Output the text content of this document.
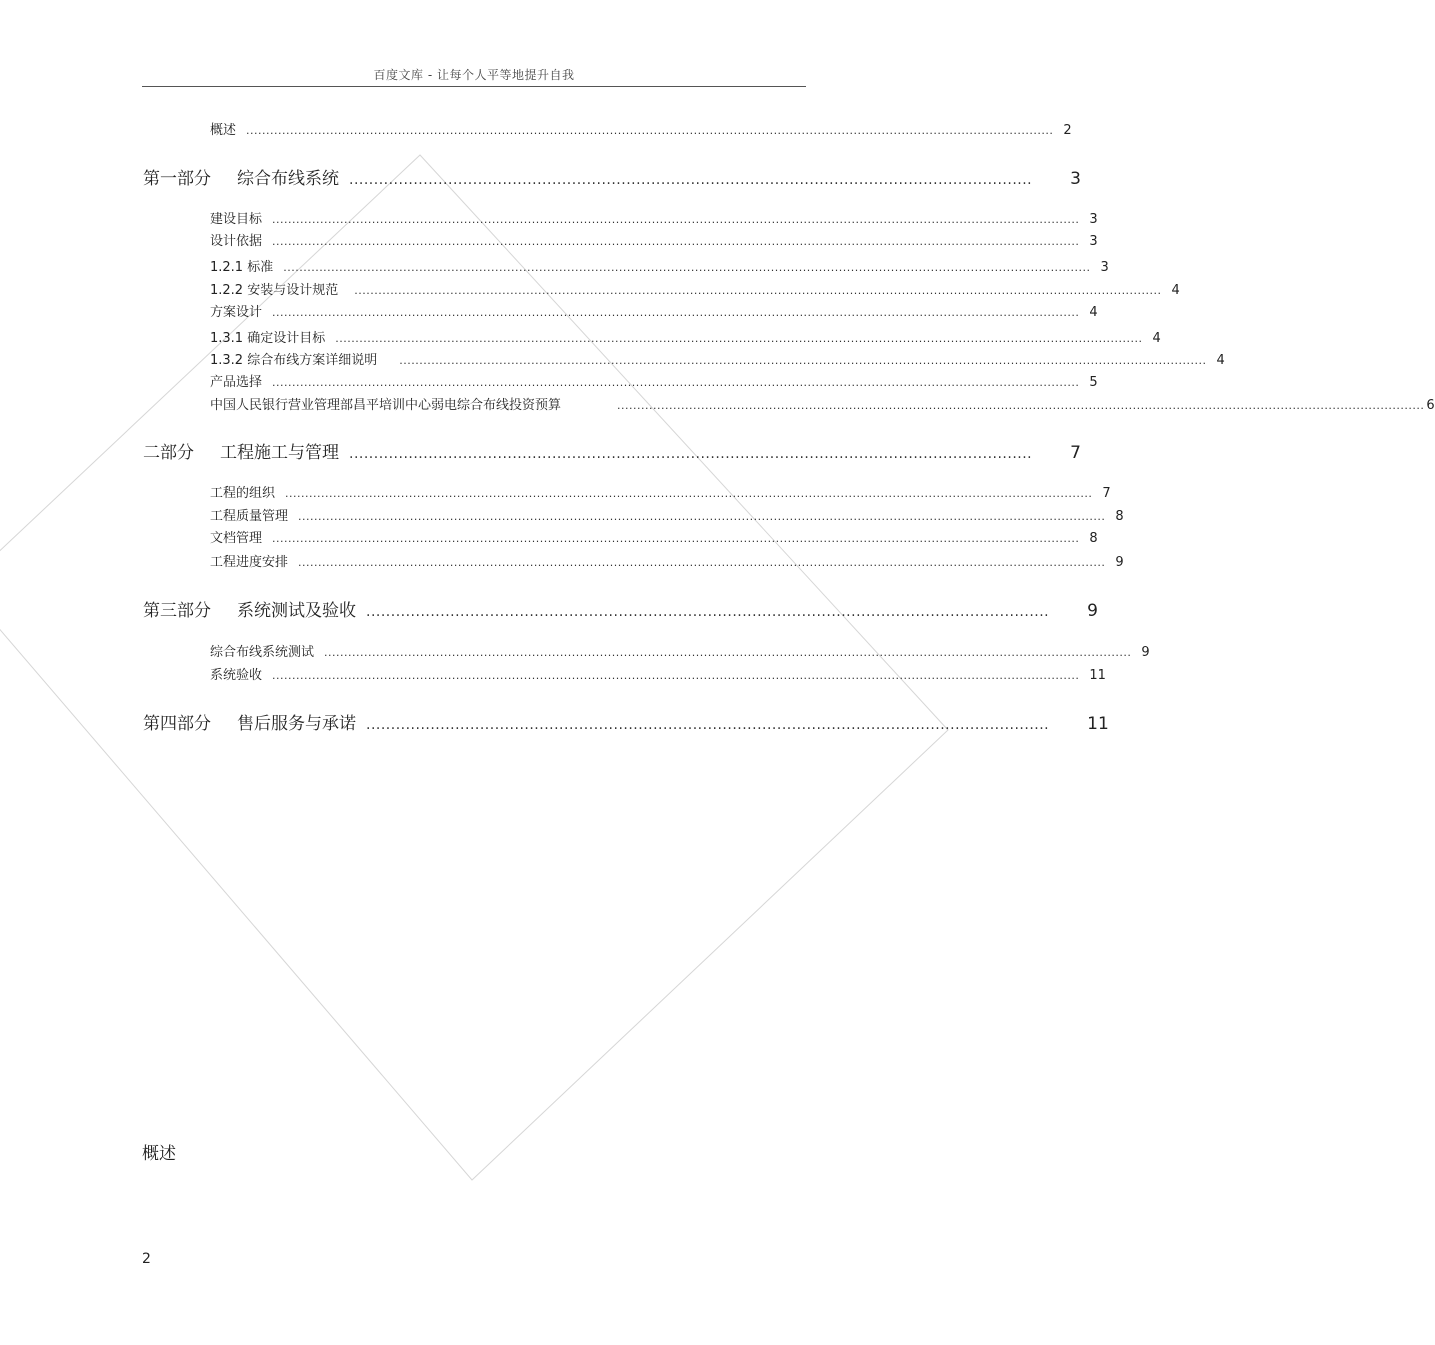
百度文库 - 让每个人平等地提升自我
概述 .......................................................................................................................................................................................................... 2
第一部分 综合布线系统 .......................................................................................................................................... 3
建设目标 .......................................................................................................................................................................................................... 3
设计依据 .......................................................................................................................................................................................................... 3
1.2.1 标准 .......................................................................................................................................................................................................... 3
1.2.2 安装与设计规范 .......................................................................................................................................................................................................... 4
方案设计 .......................................................................................................................................................................................................... 4
1.3.1 确定设计目标 .......................................................................................................................................................................................................... 4
1.3.2 综合布线方案详细说明 .......................................................................................................................................................................................................... 4
产品选择 .......................................................................................................................................................................................................... 5
中国人民银行营业管理部昌平培训中心弱电综合布线投资预算	.......................................................................................................................................................................................................... 6
二部分 工程施工与管理 .......................................................................................................................................... 7
工程的组织 .......................................................................................................................................................................................................... 7
工程质量管理 .......................................................................................................................................................................................................... 8
文档管理 .......................................................................................................................................................................................................... 8
工程进度安排 .......................................................................................................................................................................................................... 9
第三部分 系统测试及验收 .......................................................................................................................................... 9
综合布线系统测试 .......................................................................................................................................................................................................... 9
系统验收 .......................................................................................................................................................................................................... 11
第四部分 售后服务与承诺 .......................................................................................................................................... 11
概述
2
